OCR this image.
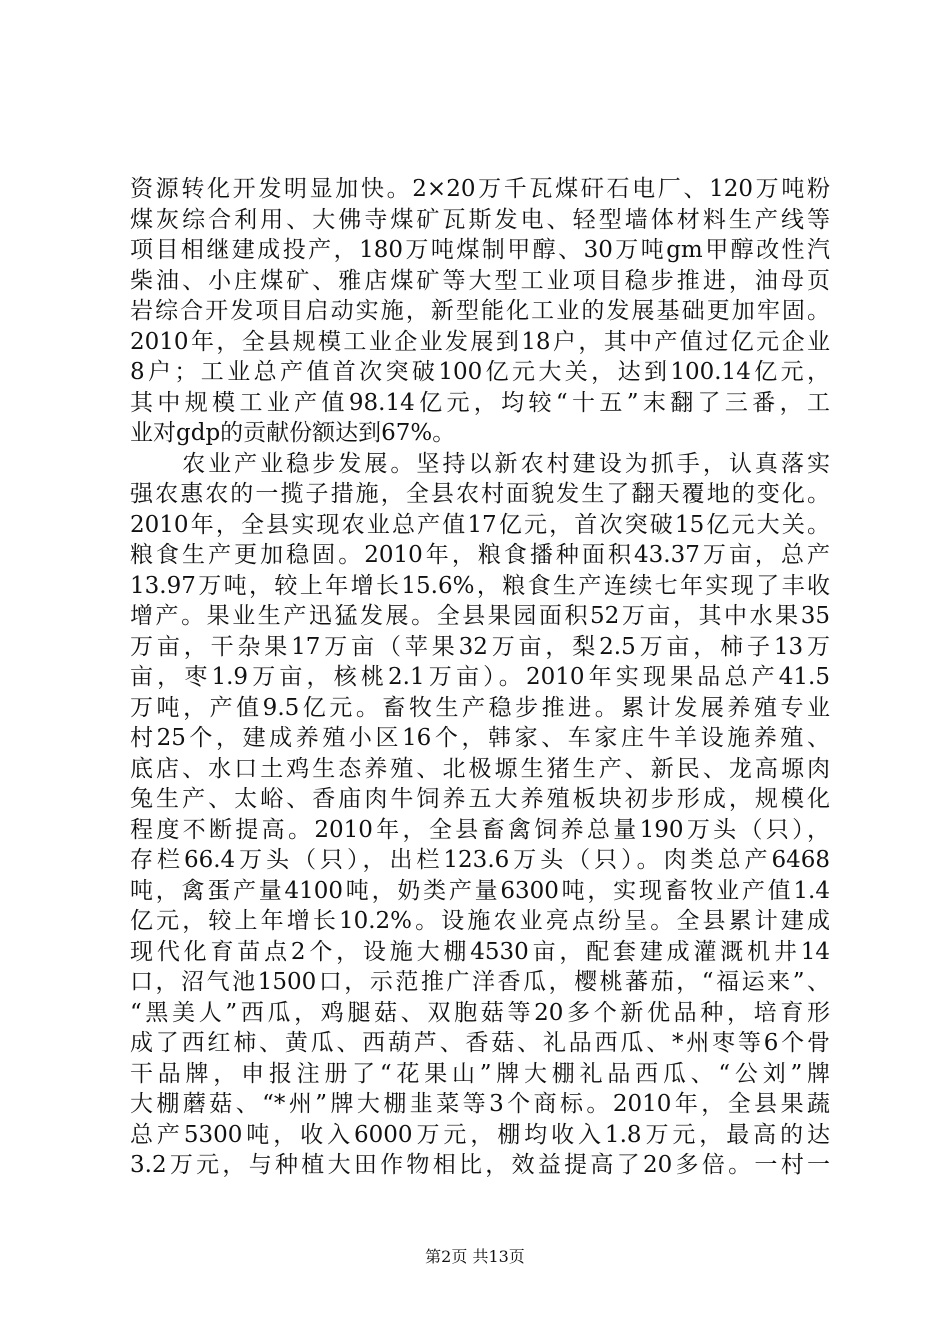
资源转化开发明显加快。2×20万千瓦煤矸石电厂、120万吨粉
煤灰综合利用、大佛寺煤矿瓦斯发电、轻型墙体材料生产线等
项目相继建成投产，180万吨煤制甲醇、30万吨gm甲醇改性汽
柴油、小庄煤矿、雅店煤矿等大型工业项目稳步推进，油母页
岩综合开发项目启动实施，新型能化工业的发展基础更加牢固。
2010年，全县规模工业企业发展到18户，其中产值过亿元企业
8户；工业总产值首次突破100亿元大关，达到100.14亿元，
其中规模工业产值98.14亿元，均较“十五”末翻了三番，工
业对gdp的贡献份额达到67%。
　　农业产业稳步发展。坚持以新农村建设为抓手，认真落实
强农惠农的一揽子措施，全县农村面貌发生了翻天覆地的变化。
2010年，全县实现农业总产值17亿元，首次突破15亿元大关。
粮食生产更加稳固。2010年，粮食播种面积43.37万亩，总产
13.97万吨，较上年增长15.6%，粮食生产连续七年实现了丰收
增产。果业生产迅猛发展。全县果园面积52万亩，其中水果35
万亩，干杂果17万亩（苹果32万亩，梨2.5万亩，柿子13万
亩，枣1.9万亩，核桃2.1万亩）。2010年实现果品总产41.5
万吨，产值9.5亿元。畜牧生产稳步推进。累计发展养殖专业
村25个，建成养殖小区16个，韩家、车家庄牛羊设施养殖、
底店、水口土鸡生态养殖、北极塬生猪生产、新民、龙高塬肉
兔生产、太峪、香庙肉牛饲养五大养殖板块初步形成，规模化
程度不断提高。2010年，全县畜禽饲养总量190万头（只），
存栏66.4万头（只），出栏123.6万头（只）。肉类总产6468
吨，禽蛋产量4100吨，奶类产量6300吨，实现畜牧业产值1.4
亿元，较上年增长10.2%。设施农业亮点纷呈。全县累计建成
现代化育苗点2个，设施大棚4530亩，配套建成灌溉机井14
口，沼气池1500口，示范推广洋香瓜，樱桃蕃茄，“福运来”、
“黑美人”西瓜，鸡腿菇、双胞菇等20多个新优品种，培育形
成了西红柿、黄瓜、西葫芦、香菇、礼品西瓜、*州枣等6个骨
干品牌，申报注册了“花果山”牌大棚礼品西瓜、“公刘”牌
大棚蘑菇、“*州”牌大棚韭菜等3个商标。2010年，全县果蔬
总产5300吨，收入6000万元，棚均收入1.8万元，最高的达
3.2万元，与种植大田作物相比，效益提高了20多倍。一村一
第2页 共13页
